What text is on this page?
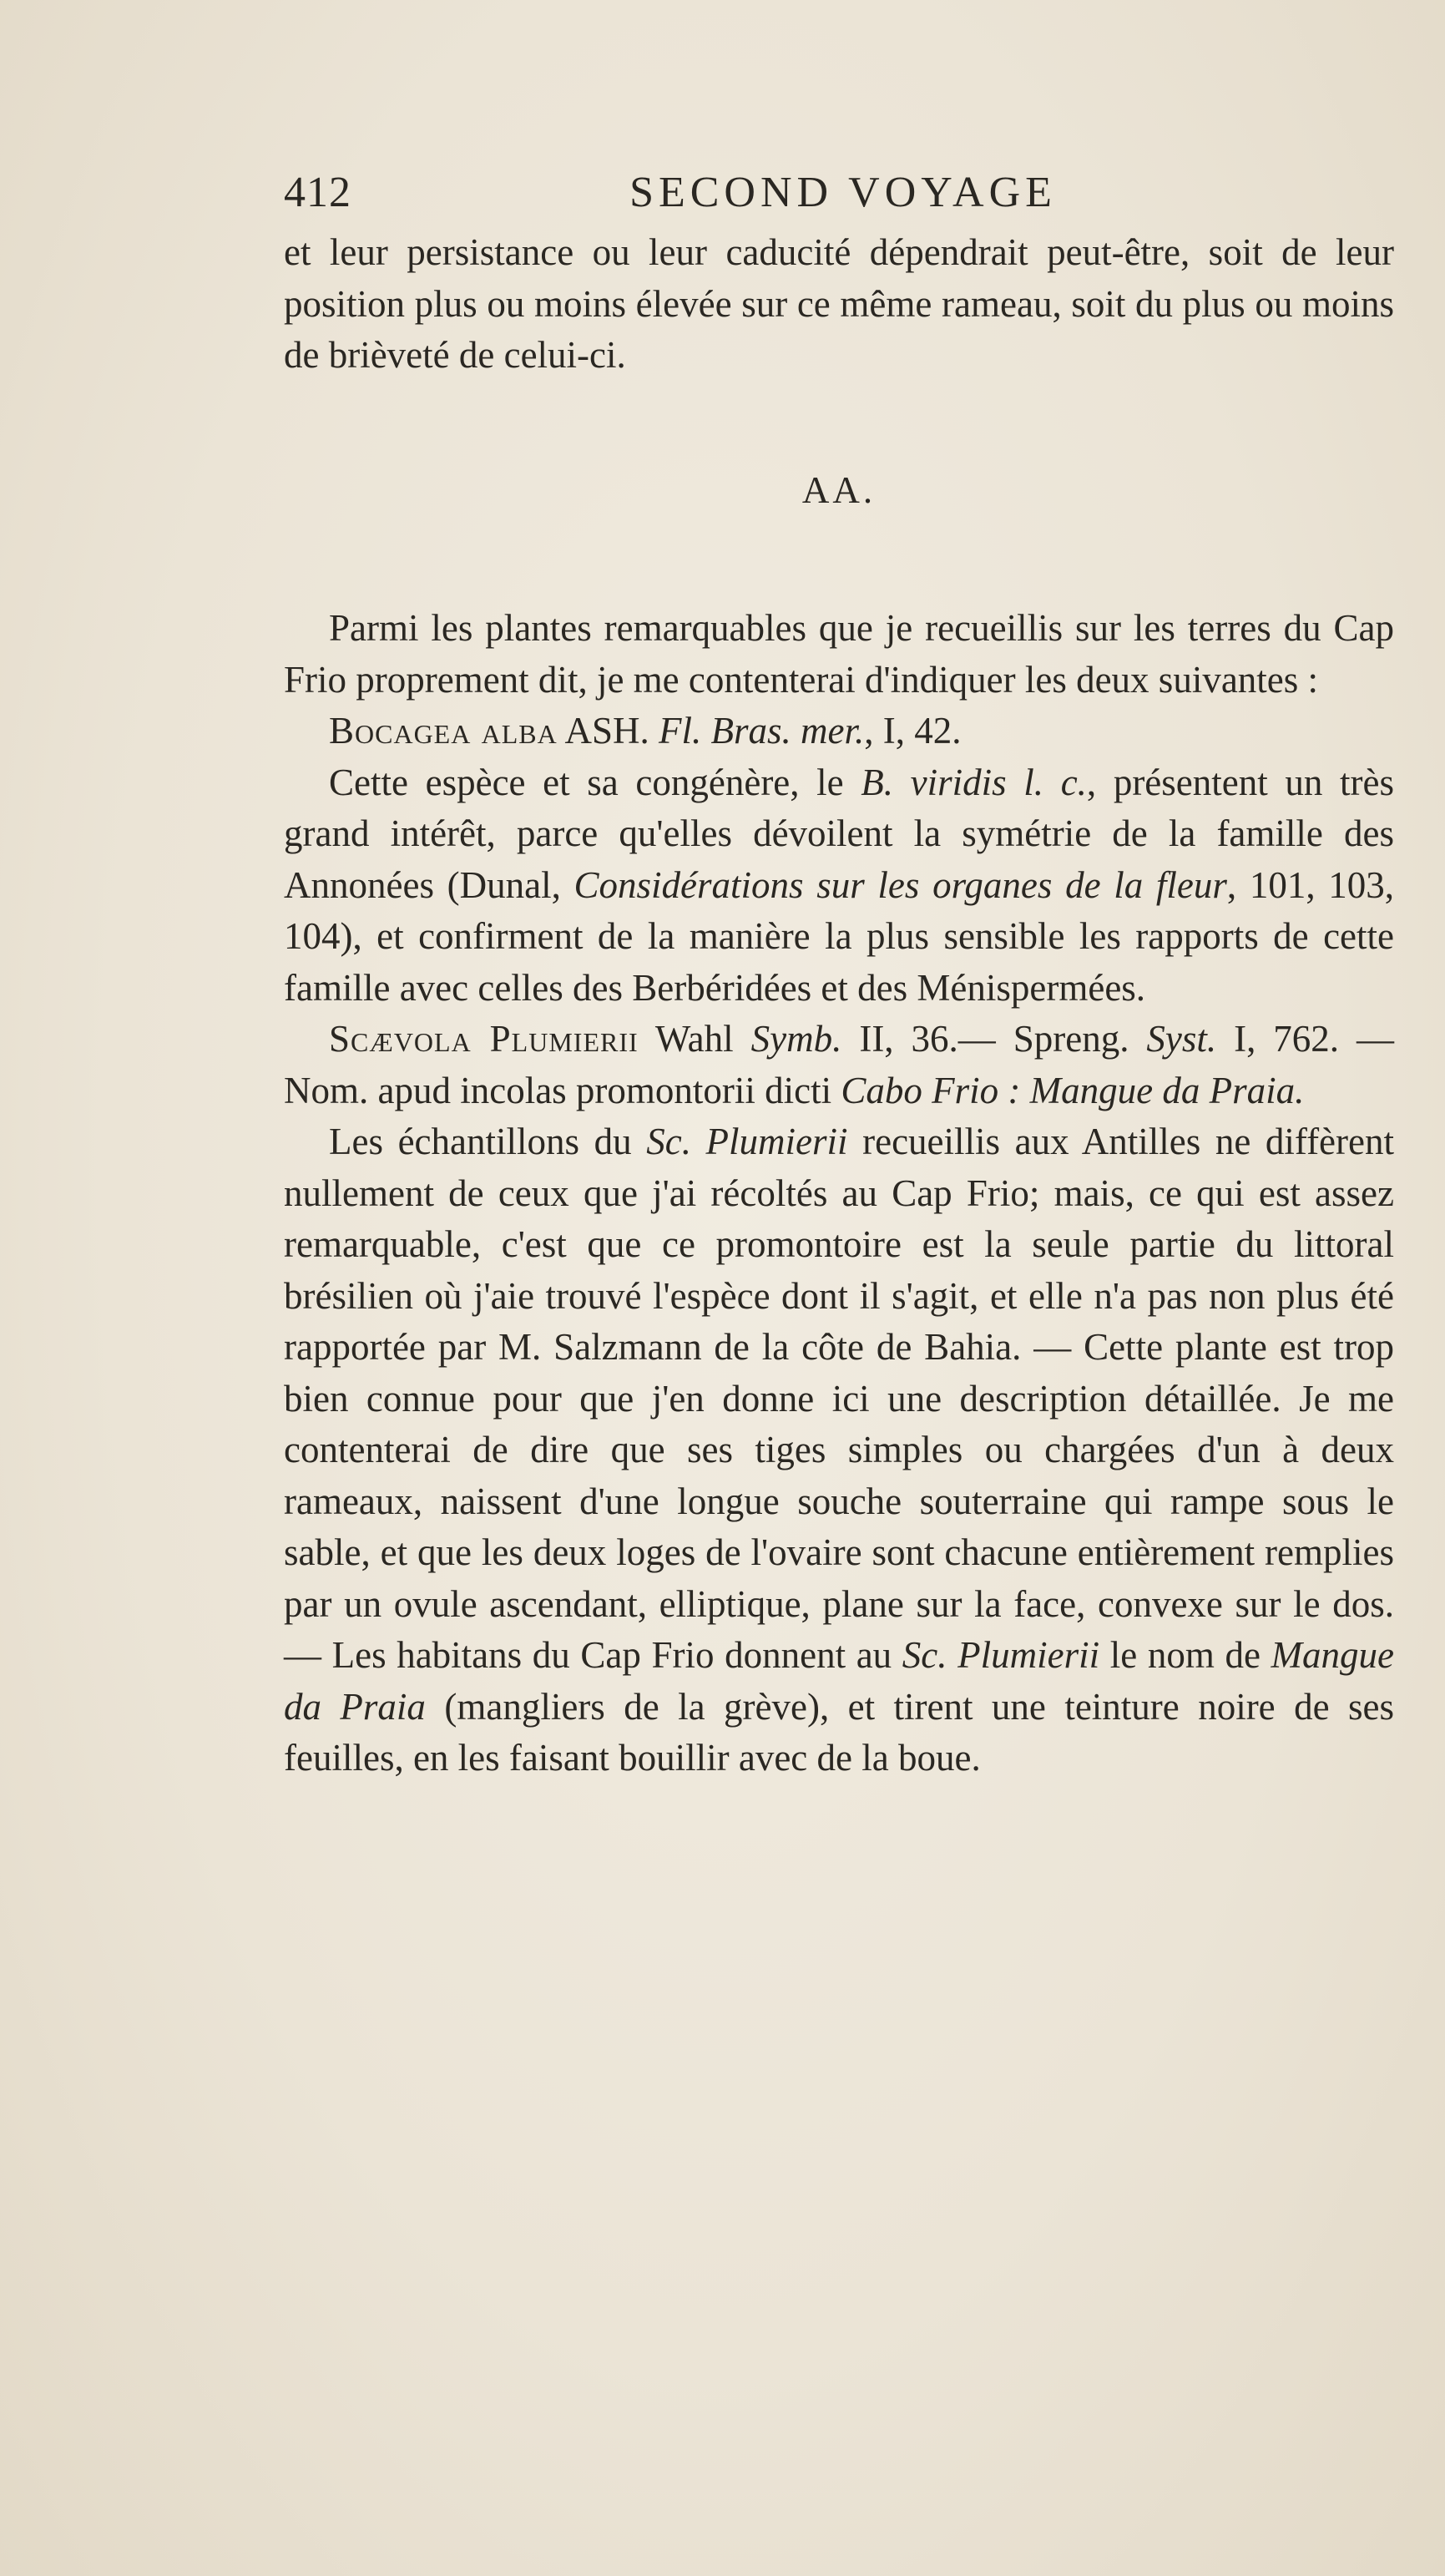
412	SECOND VOYAGE

et leur persistance ou leur caducité dépendrait peut-être, soit de leur position plus ou moins élevée sur ce même rameau, soit du plus ou moins de brièveté de celui-ci.

AA.

Parmi les plantes remarquables que je recueillis sur les terres du Cap Frio proprement dit, je me contenterai d'indiquer les deux suivantes :

Bocagea alba ASH. Fl. Bras. mer., I, 42.

Cette espèce et sa congénère, le B. viridis l. c., présentent un très grand intérêt, parce qu'elles dévoilent la symétrie de la famille des Annonées (Dunal, Considérations sur les organes de la fleur, 101, 103, 104), et confirment de la manière la plus sensible les rapports de cette famille avec celles des Berbéridées et des Ménispermées.

Scævola Plumierii Wahl Symb. II, 36.— Spreng. Syst. I, 762. — Nom. apud incolas promontorii dicti Cabo Frio : Mangue da Praia.

Les échantillons du Sc. Plumierii recueillis aux Antilles ne diffèrent nullement de ceux que j'ai récoltés au Cap Frio; mais, ce qui est assez remarquable, c'est que ce promontoire est la seule partie du littoral brésilien où j'aie trouvé l'espèce dont il s'agit, et elle n'a pas non plus été rapportée par M. Salzmann de la côte de Bahia. — Cette plante est trop bien connue pour que j'en donne ici une description détaillée. Je me contenterai de dire que ses tiges simples ou chargées d'un à deux rameaux, naissent d'une longue souche souterraine qui rampe sous le sable, et que les deux loges de l'ovaire sont chacune entièrement remplies par un ovule ascendant, elliptique, plane sur la face, convexe sur le dos. — Les habitans du Cap Frio donnent au Sc. Plumierii le nom de Mangue da Praia (mangliers de la grève), et tirent une teinture noire de ses feuilles, en les faisant bouillir avec de la boue.
